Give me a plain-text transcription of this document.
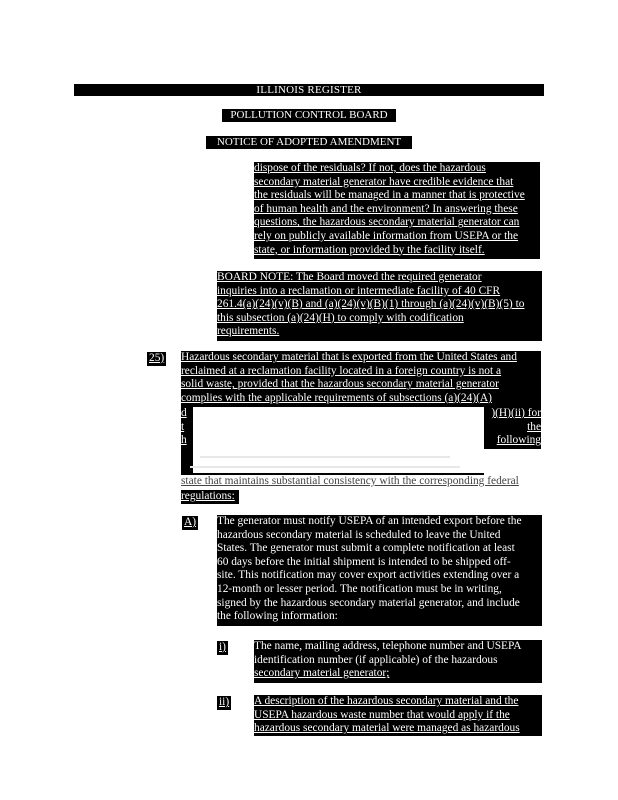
ILLINOIS REGISTER
POLLUTION CONTROL BOARD
NOTICE OF ADOPTED AMENDMENT

dispose of the residuals? If not, does the hazardous

secondary material generator have credible evidence that

the residuals will be managed in a manner that is protective

of human health and the environment? In answering these

questions, the hazardous secondary material generator can

rely on publicly available information from USEPA or the

state, or information provided by the facility itself.

BOARD NOTE: The Board moved the required generator

inquiries into a reclamation or intermediate facility of 40 CFR

261.4(a)(24)(v)(B) and (a)(24)(v)(B)(1) through (a)(24)(v)(B)(5) to

this subsection (a)(24)(H) to comply with codification

requirements.

25) Hazardous secondary material that is exported from the United States and

reclaimed at a reclamation facility located in a foreign country is not a

solid waste, provided that the hazardous secondary material generator

complies with the applicable requirements of subsections (a)(24)(A)

d

t

h

)(H)(ii) for

the

following

state that maintains substantial consistency with the corresponding federal
regulations:
A) The generator must notify USEPA of an intended export before the

hazardous secondary material is scheduled to leave the United

States. The generator must submit a complete notification at least

60 days before the initial shipment is intended to be shipped off-

site. This notification may cover export activities extending over a

12-month or lesser period. The notification must be in writing,

signed by the hazardous secondary material generator, and include

the following information:

i) The name, mailing address, telephone number and USEPA

identification number (if applicable) of the hazardous

secondary material generator;

ii) A description of the hazardous secondary material and the

USEPA hazardous waste number that would apply if the

hazardous secondary material were managed as hazardous
